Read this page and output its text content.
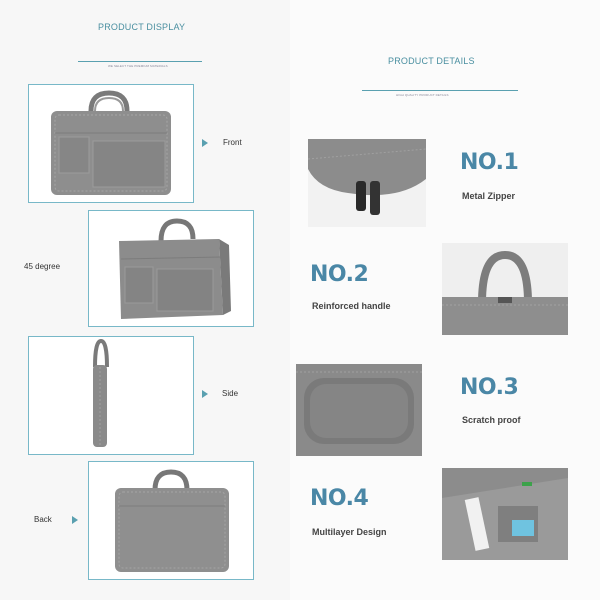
PRODUCT DISPLAY
WE SELECT THE PREMIUM MATERIALS	PRODUCT DETAILS
HIGH QUALITY PRODUCT DETAILS
Front
45 degree
Side
Back
NO.1
Metal Zipper
NO.2
Reinforced handle
NO.3
Scratch proof
NO.4
Multilayer Design
